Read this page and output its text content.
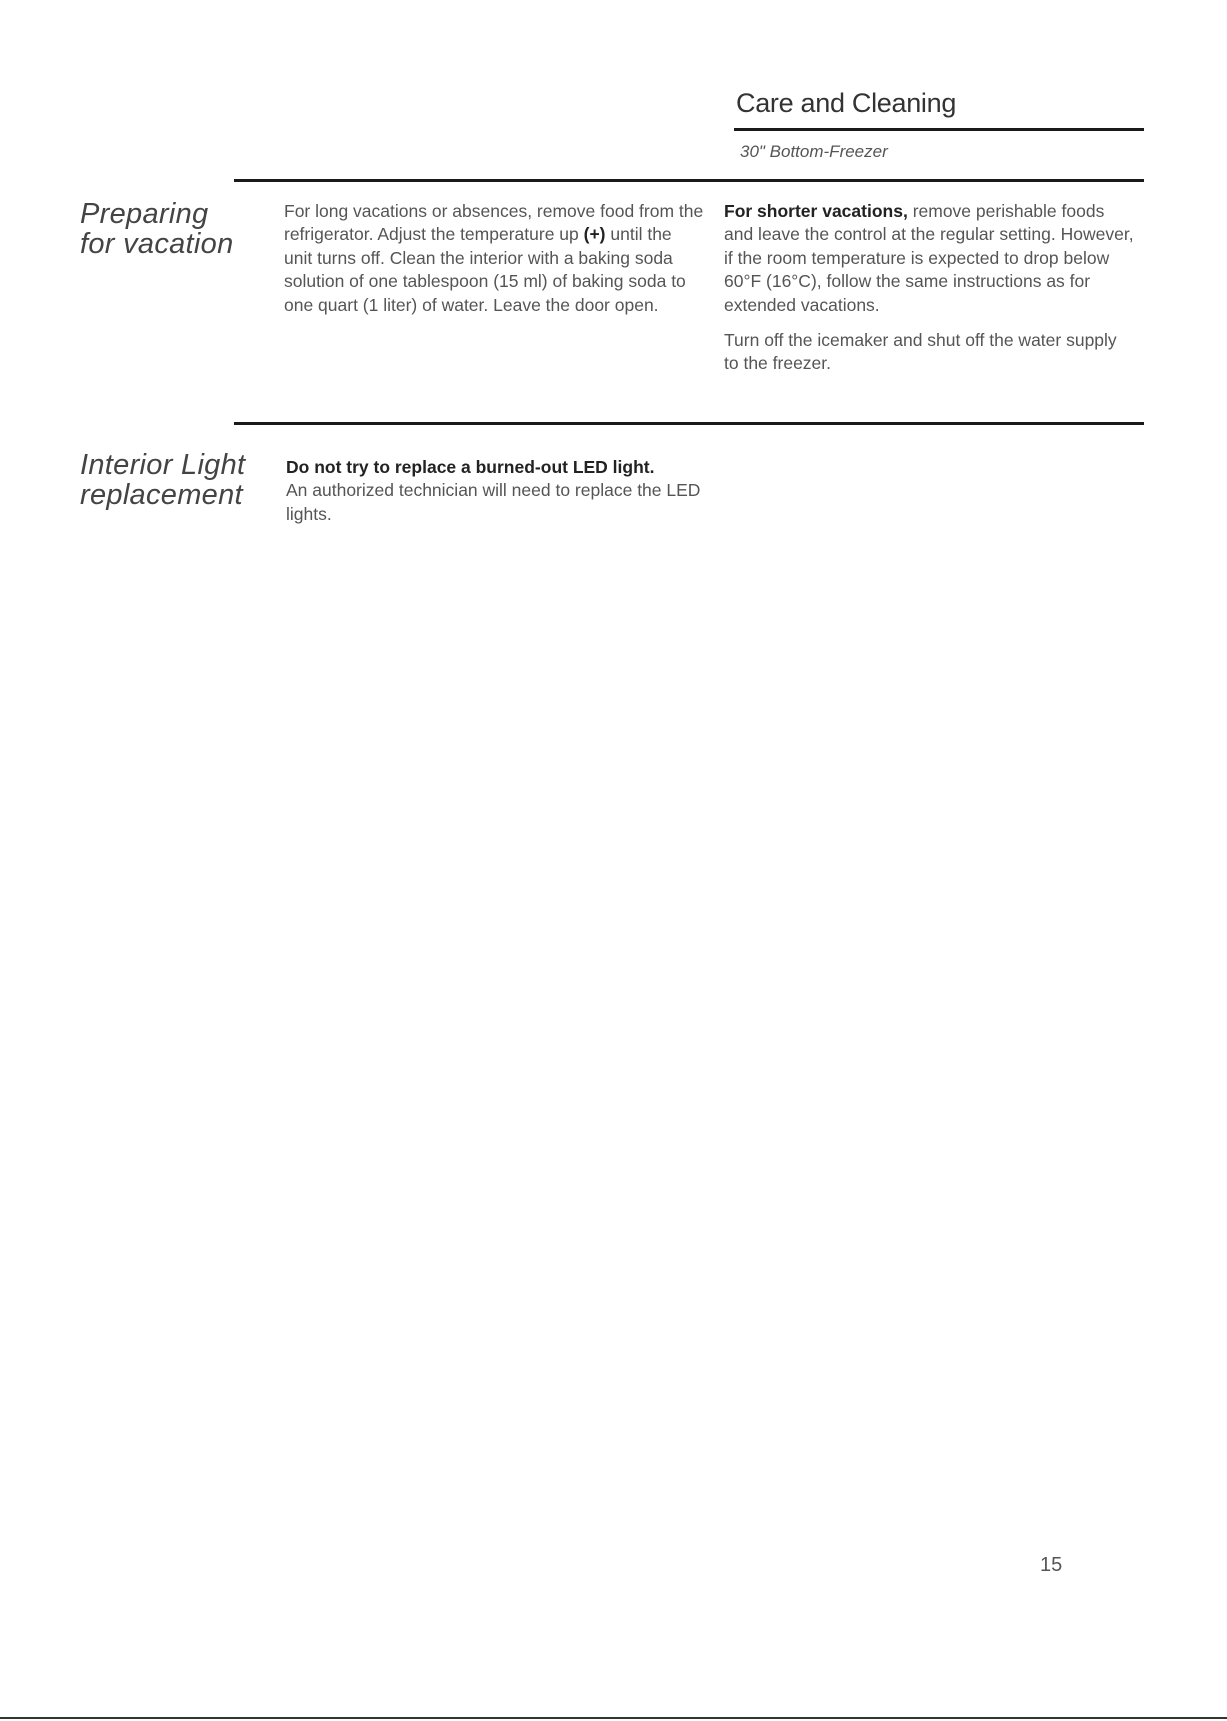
Care and Cleaning
30" Bottom-Freezer
Preparing
for vacation

For long vacations or absences, remove food from the refrigerator. Adjust the temperature up (+) until the unit turns off. Clean the interior with a baking soda solution of one tablespoon (15 ml) of baking soda to one quart (1 liter) of water. Leave the door open.

For shorter vacations, remove perishable foods and leave the control at the regular setting. However, if the room temperature is expected to drop below 60°F (16°C), follow the same instructions as for extended vacations.

Turn off the icemaker and shut off the water supply to the freezer.

Interior Light
replacement

Do not try to replace a burned-out LED light.
An authorized technician will need to replace the LED lights.

15
